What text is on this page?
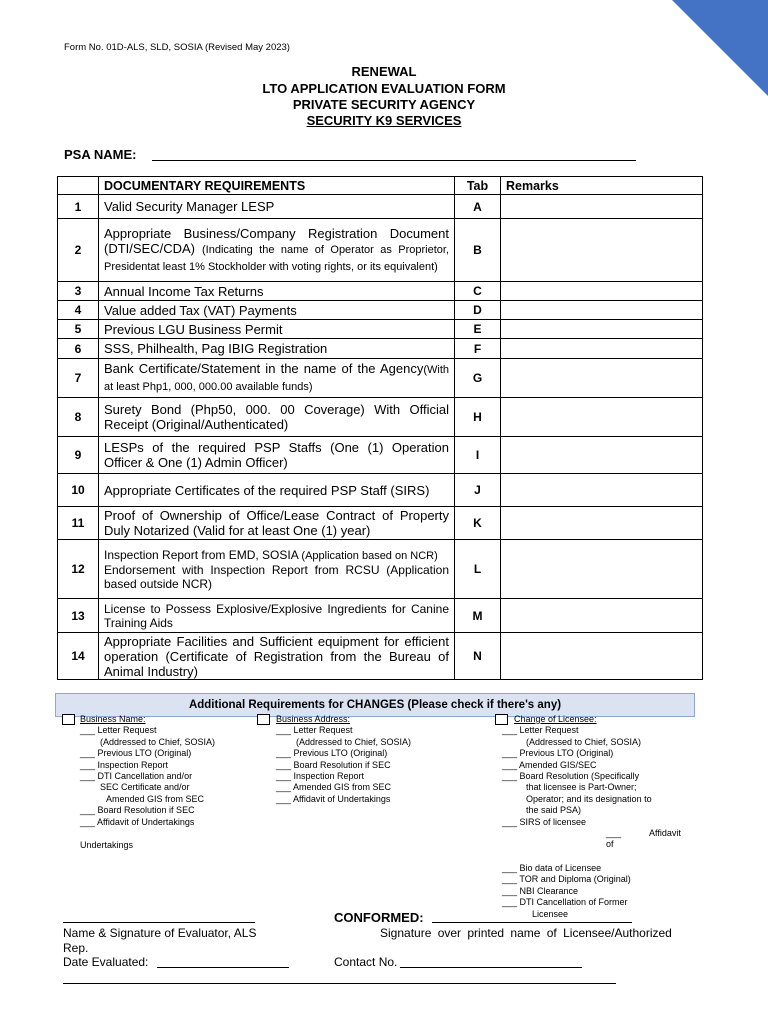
Form No. 01D-ALS, SLD, SOSIA (Revised May 2023)
RENEWAL
LTO APPLICATION EVALUATION FORM
PRIVATE SECURITY AGENCY
SECURITY K9 SERVICES
PSA NAME:
	DOCUMENTARY REQUIREMENTS	Tab	Remarks
1	Valid Security Manager LESP	A	
2	Appropriate Business/Company Registration Document (DTI/SEC/CDA) (Indicating the name of Operator as Proprietor, Presidentat least 1% Stockholder with voting rights, or its equivalent)	B	
3	Annual Income Tax Returns	C	
4	Value added Tax (VAT) Payments	D	
5	Previous LGU Business Permit	E	
6	SSS, Philhealth, Pag IBIG Registration	F	
7	Bank Certificate/Statement in the name of the Agency(With at least Php1, 000, 000.00 available funds)	G	
8	Surety Bond (Php50, 000. 00 Coverage) With Official Receipt (Original/Authenticated)	H	
9	LESPs of the required PSP Staffs (One (1) Operation Officer & One (1) Admin Officer)	I	
10	Appropriate Certificates of the required PSP Staff (SIRS)	J	
11	Proof of Ownership of Office/Lease Contract of Property Duly Notarized (Valid for at least One (1) year)	K	
12	Inspection Report from EMD, SOSIA (Application based on NCR)
Endorsement with Inspection Report from RCSU (Application based outside NCR)	L	
13	License to Possess Explosive/Explosive Ingredients for Canine Training Aids	M	
14	Appropriate Facilities and Sufficient equipment for efficient operation (Certificate of Registration from the Bureau of Animal Industry)	N	
Additional Requirements for CHANGES (Please check if there's any)
Business Name:
___ Letter Request
(Addressed to Chief, SOSIA)
___ Previous LTO (Original)
___ Inspection Report
___ DTI Cancellation and/or
SEC Certificate and/or
Amended GIS from SEC
___ Board Resolution if SEC
___ Affidavit of Undertakings
Undertakings
Business Address:
___ Letter Request
(Addressed to Chief, SOSIA)
___ Previous LTO (Original)
___ Board Resolution if SEC
___ Inspection Report
___ Amended GIS from SEC
___ Affidavit of Undertakings
Change of Licensee:
___ Letter Request
(Addressed to Chief, SOSIA)
___ Previous LTO (Original)
___ Amended GIS/SEC
___ Board Resolution (Specifically
that licensee is Part-Owner;
Operator; and its designation to
the said PSA)
___ SIRS of licensee
___ Affidavit of
___ Bio data of Licensee
___ TOR and Diploma (Original)
___ NBI Clearance
___ DTI Cancellation of Former
Licensee
CONFORMED:
Name & Signature of Evaluator, ALS
Rep.
Signature over printed name of Licensee/Authorized
Date Evaluated:	Contact No.
